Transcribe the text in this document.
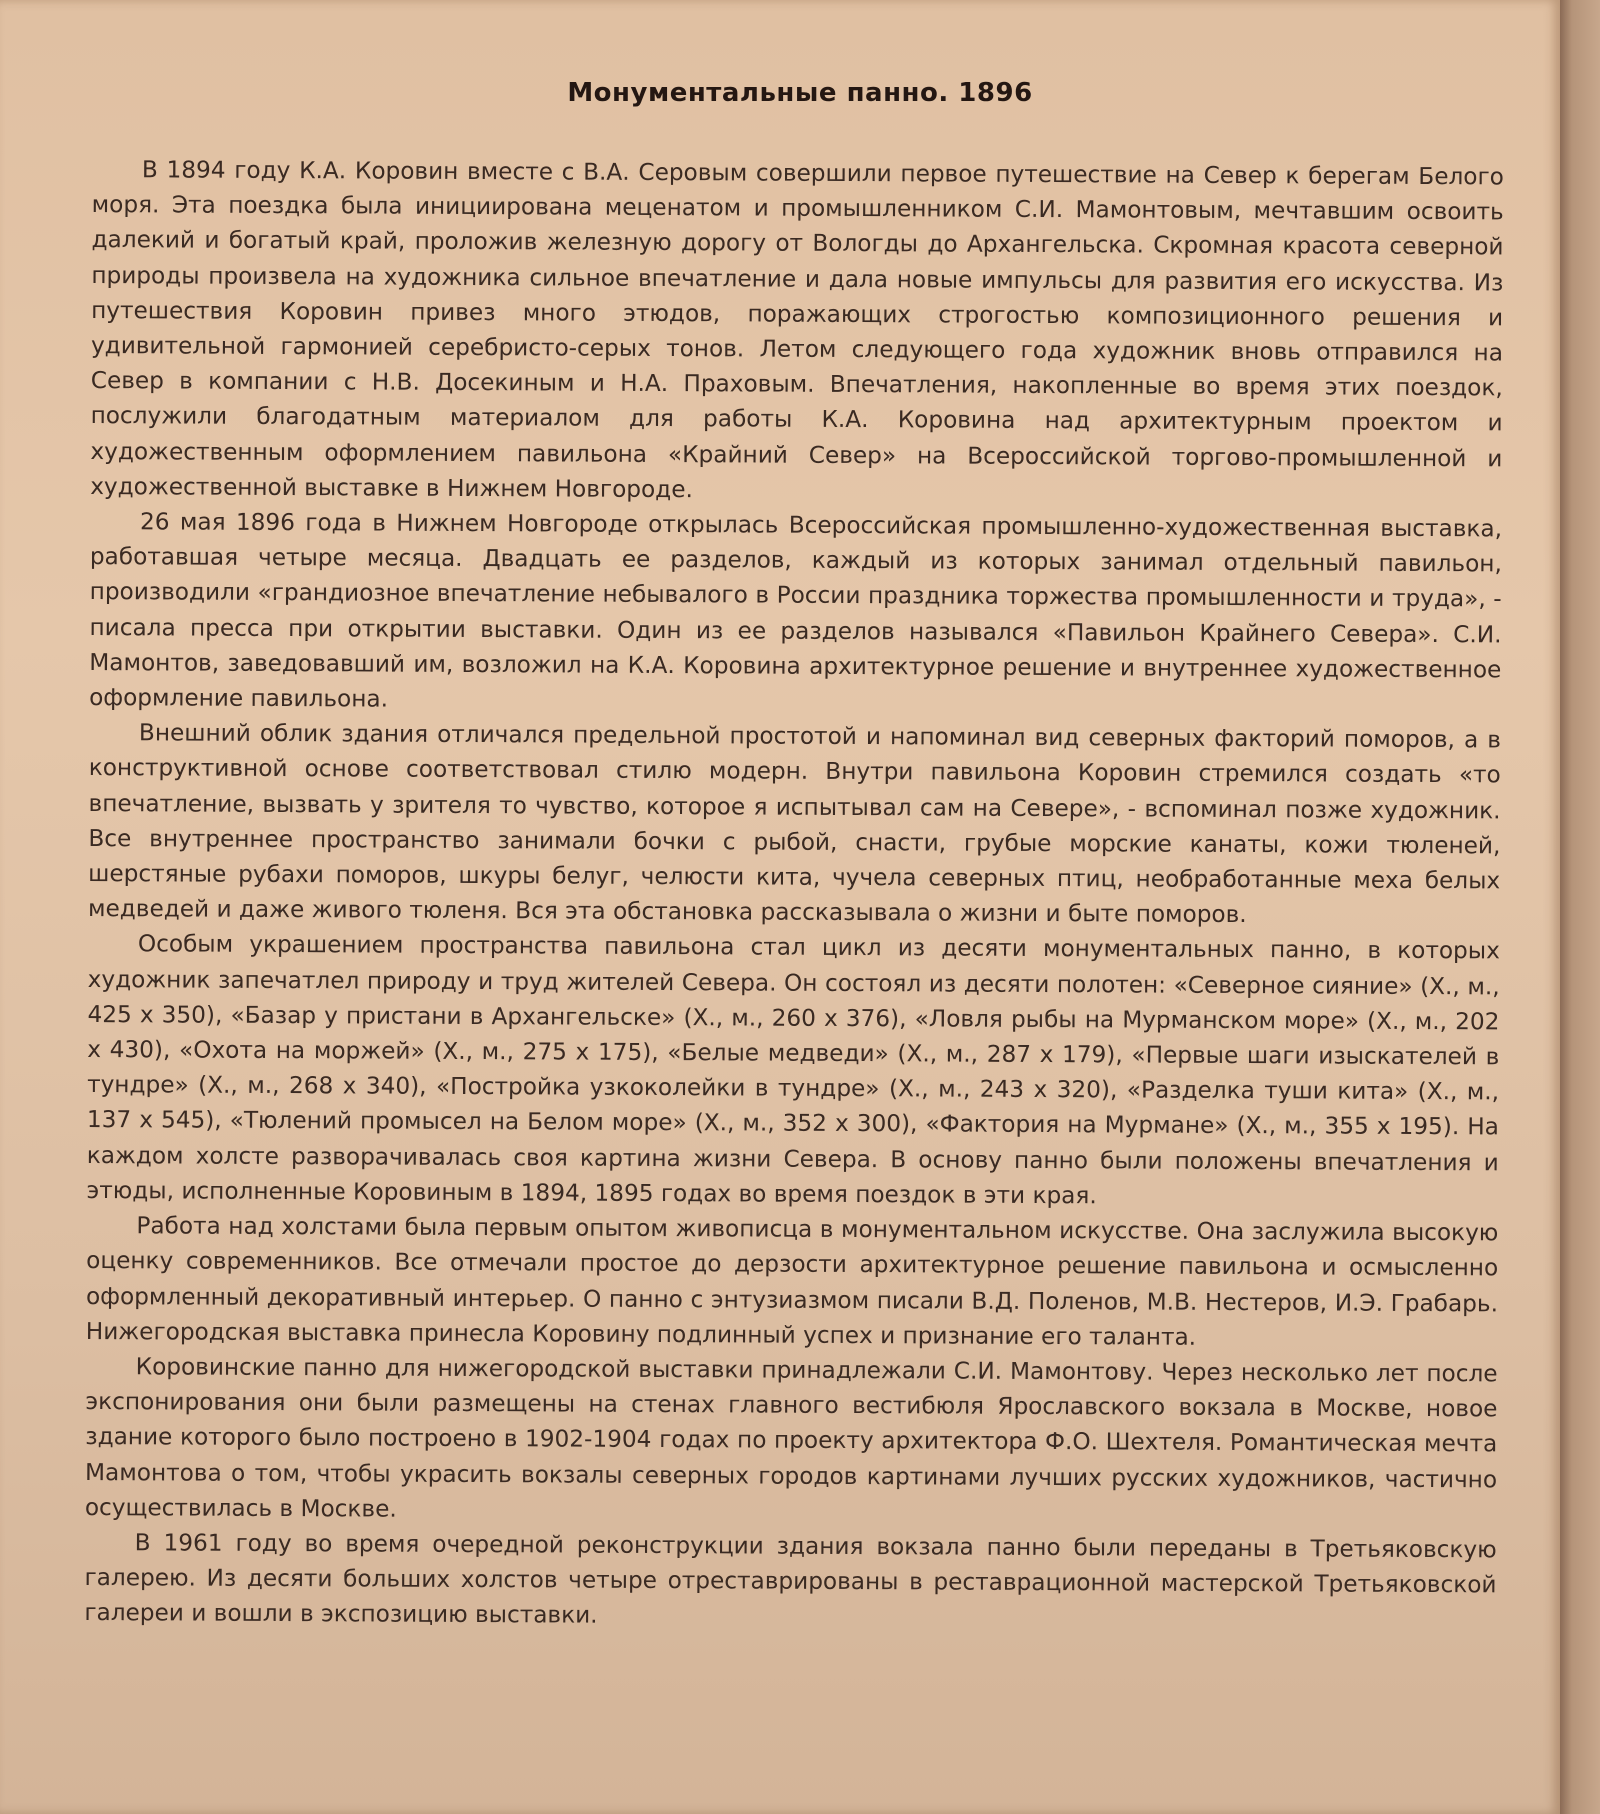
Монументальные панно. 1896

В 1894 году К.А. Коровин вместе с В.А. Серовым совершили первое путешествие на Север к берегам Белого моря. Эта поездка была инициирована меценатом и промышленником С.И. Мамонтовым, мечтавшим освоить далекий и богатый край, проложив железную дорогу от Вологды до Архангельска. Скромная красота северной природы произвела на художника сильное впечатление и дала новые импульсы для развития его искусства. Из путешествия Коровин привез много этюдов, поражающих строгостью композиционного решения и удивительной гармонией серебристо-серых тонов. Летом следующего года художник вновь отправился на Север в компании с Н.В. Досекиным и Н.А. Праховым. Впечатления, накопленные во время этих поездок, послужили благодатным материалом для работы К.А. Коровина над архитектурным проектом и художественным оформлением павильона «Крайний Север» на Всероссийской торгово-промышленной и художественной выставке в Нижнем Новгороде.

26 мая 1896 года в Нижнем Новгороде открылась Всероссийская промышленно-художественная выставка, работавшая четыре месяца. Двадцать ее разделов, каждый из которых занимал отдельный павильон, производили «грандиозное впечатление небывалого в России праздника торжества промышленности и труда», - писала пресса при открытии выставки. Один из ее разделов назывался «Павильон Крайнего Севера». С.И. Мамонтов, заведовавший им, возложил на К.А. Коровина архитектурное решение и внутреннее художественное оформление павильона.

Внешний облик здания отличался предельной простотой и напоминал вид северных факторий поморов, а в конструктивной основе соответствовал стилю модерн. Внутри павильона Коровин стремился создать «то впечатление, вызвать у зрителя то чувство, которое я испытывал сам на Севере», - вспоминал позже художник. Все внутреннее пространство занимали бочки с рыбой, снасти, грубые морские канаты, кожи тюленей, шерстяные рубахи поморов, шкуры белуг, челюсти кита, чучела северных птиц, необработанные меха белых медведей и даже живого тюленя. Вся эта обстановка рассказывала о жизни и быте поморов.

Особым украшением пространства павильона стал цикл из десяти монументальных панно, в которых художник запечатлел природу и труд жителей Севера. Он состоял из десяти полотен: «Северное сияние» (Х., м., 425 х 350), «Базар у пристани в Архангельске» (Х., м., 260 х 376), «Ловля рыбы на Мурманском море» (Х., м., 202 х 430), «Охота на моржей» (Х., м., 275 х 175), «Белые медведи» (Х., м., 287 х 179), «Первые шаги изыскателей в тундре» (Х., м., 268 х 340), «Постройка узкоколейки в тундре» (Х., м., 243 х 320), «Разделка туши кита» (Х., м., 137 х 545), «Тюлений промысел на Белом море» (Х., м., 352 х 300), «Фактория на Мурмане» (Х., м., 355 х 195). На каждом холсте разворачивалась своя картина жизни Севера. В основу панно были положены впечатления и этюды, исполненные Коровиным в 1894, 1895 годах во время поездок в эти края.

Работа над холстами была первым опытом живописца в монументальном искусстве. Она заслужила высокую оценку современников. Все отмечали простое до дерзости архитектурное решение павильона и осмысленно оформленный декоративный интерьер. О панно с энтузиазмом писали В.Д. Поленов, М.В. Нестеров, И.Э. Грабарь. Нижегородская выставка принесла Коровину подлинный успех и признание его таланта.

Коровинские панно для нижегородской выставки принадлежали С.И. Мамонтову. Через несколько лет после экспонирования они были размещены на стенах главного вестибюля Ярославского вокзала в Москве, новое здание которого было построено в 1902-1904 годах по проекту архитектора Ф.О. Шехтеля. Романтическая мечта Мамонтова о том, чтобы украсить вокзалы северных городов картинами лучших русских художников, частично осуществилась в Москве.

В 1961 году во время очередной реконструкции здания вокзала панно были переданы в Третьяковскую галерею. Из десяти больших холстов четыре отреставрированы в реставрационной мастерской Третьяковской галереи и вошли в экспозицию выставки.
